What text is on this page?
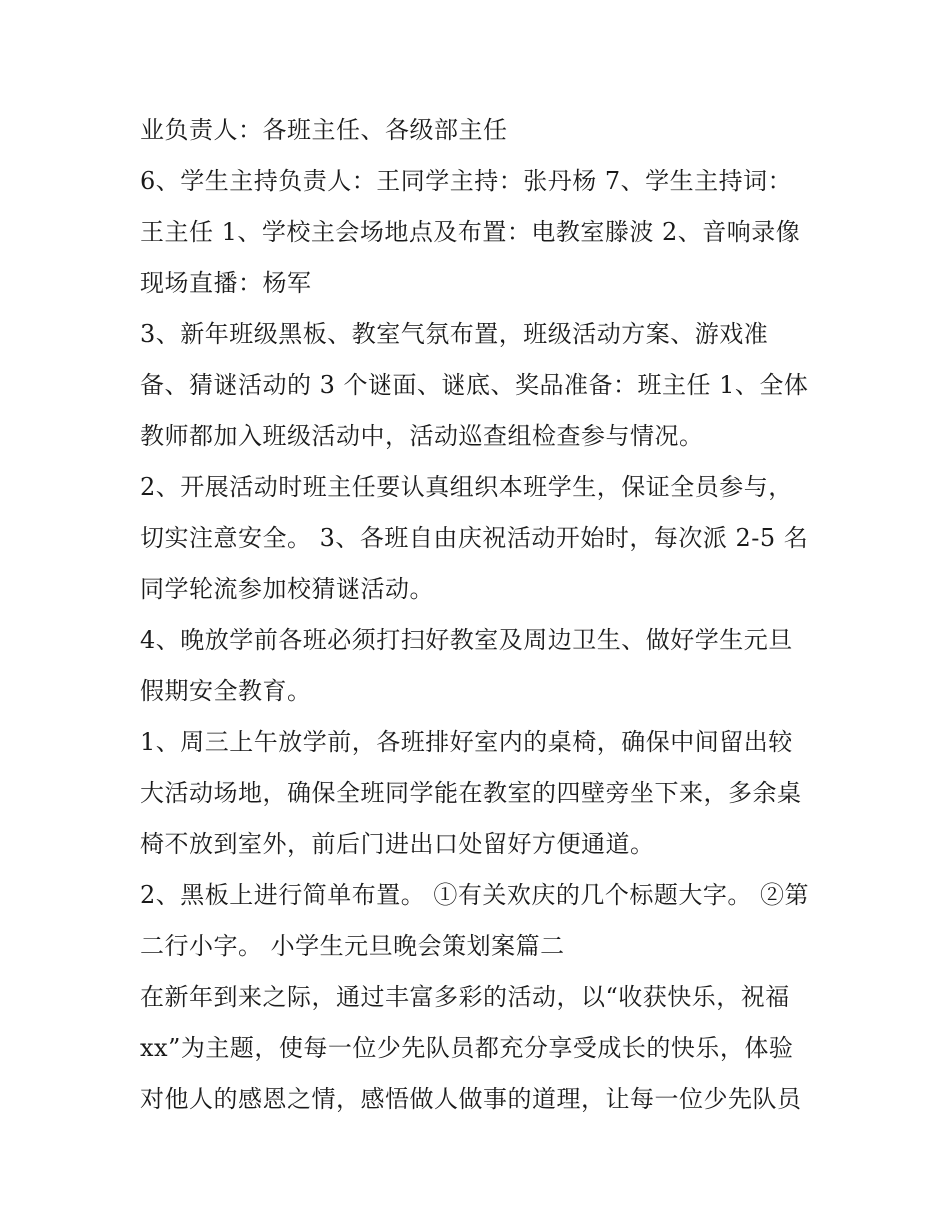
业负责人：各班主任、各级部主任
6、学生主持负责人：王同学主持：张丹杨 7、学生主持词：
王主任 1、学校主会场地点及布置：电教室滕波 2、音响录像
现场直播：杨军
3、新年班级黑板、教室气氛布置，班级活动方案、游戏准
备、猜谜活动的 3 个谜面、谜底、奖品准备：班主任 1、全体
教师都加入班级活动中，活动巡查组检查参与情况。
2、开展活动时班主任要认真组织本班学生，保证全员参与，
切实注意安全。 3、各班自由庆祝活动开始时，每次派 2-5 名
同学轮流参加校猜谜活动。
4、晚放学前各班必须打扫好教室及周边卫生、做好学生元旦
假期安全教育。
1、周三上午放学前，各班排好室内的桌椅，确保中间留出较
大活动场地，确保全班同学能在教室的四壁旁坐下来，多余桌
椅不放到室外，前后门进出口处留好方便通道。
2、黑板上进行简单布置。 ①有关欢庆的几个标题大字。 ②第
二行小字。 小学生元旦晚会策划案篇二
在新年到来之际，通过丰富多彩的活动，以“收获快乐，祝福
xx”为主题，使每一位少先队员都充分享受成长的快乐，体验
对他人的感恩之情，感悟做人做事的道理，让每一位少先队员
